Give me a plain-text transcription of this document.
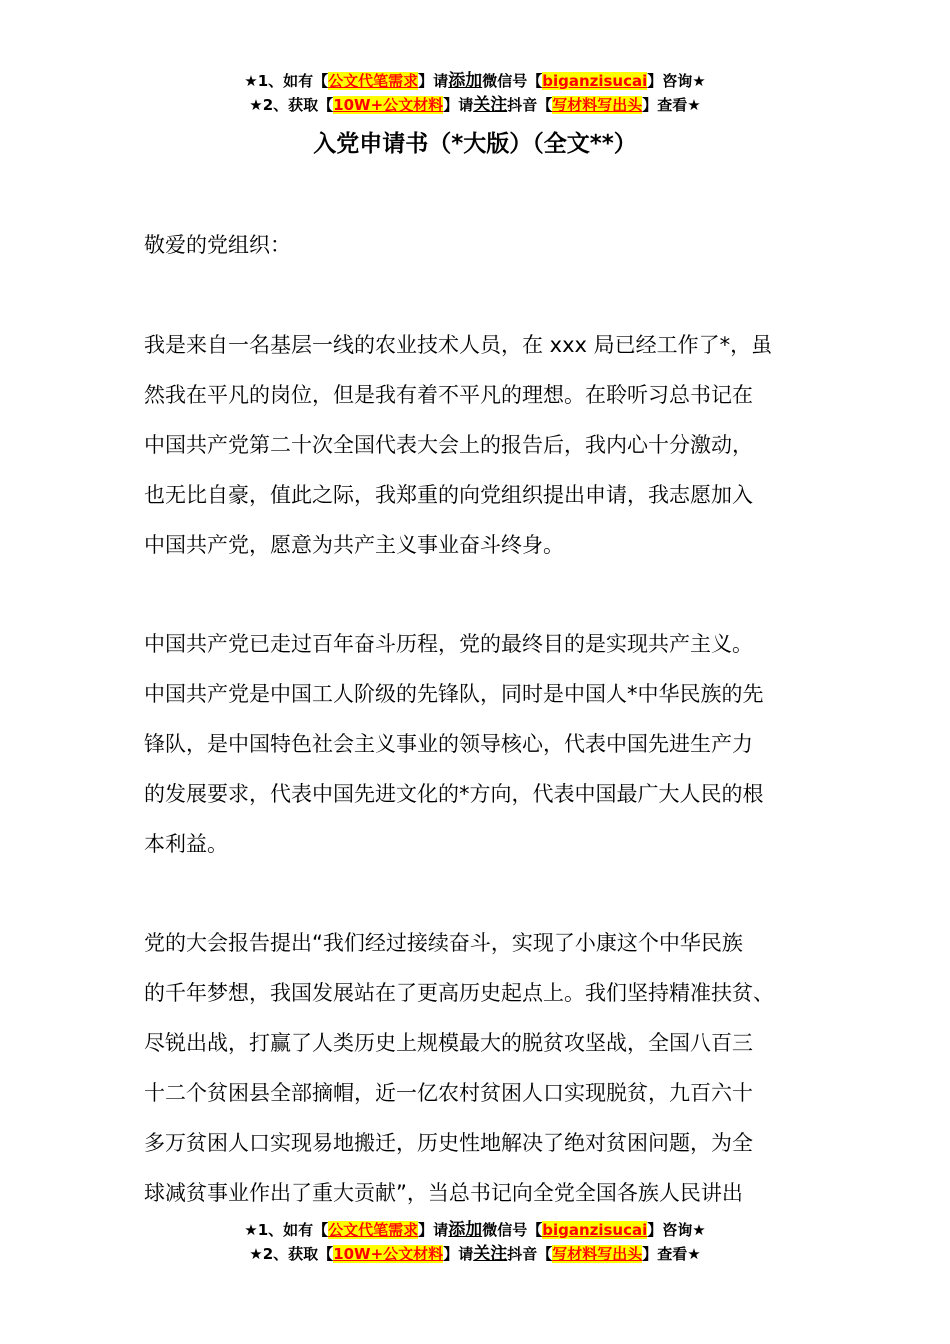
★1、如有【公文代笔需求】请添加微信号【biganzisucai】咨询★
★2、获取【10W+公文材料】请关注抖音【写材料写出头】查看★
入党申请书（*大版）（全文**）
敬爱的党组织：
我是来自一名基层一线的农业技术人员，在 xxx 局已经工作了*，虽
然我在平凡的岗位，但是我有着不平凡的理想。在聆听习总书记在
中国共产党第二十次全国代表大会上的报告后，我内心十分激动，
也无比自豪，值此之际，我郑重的向党组织提出申请，我志愿加入
中国共产党，愿意为共产主义事业奋斗终身。
中国共产党已走过百年奋斗历程，党的最终目的是实现共产主义。
中国共产党是中国工人阶级的先锋队，同时是中国人*中华民族的先
锋队，是中国特色社会主义事业的领导核心，代表中国先进生产力
的发展要求，代表中国先进文化的*方向，代表中国最广大人民的根
本利益。
党的大会报告提出“我们经过接续奋斗，实现了小康这个中华民族
的千年梦想，我国发展站在了更高历史起点上。我们坚持精准扶贫、
尽锐出战，打赢了人类历史上规模最大的脱贫攻坚战，全国八百三
十二个贫困县全部摘帽，近一亿农村贫困人口实现脱贫，九百六十
多万贫困人口实现易地搬迁，历史性地解决了绝对贫困问题，为全
球减贫事业作出了重大贡献”，当总书记向全党全国各族人民讲出
★1、如有【公文代笔需求】请添加微信号【biganzisucai】咨询★
★2、获取【10W+公文材料】请关注抖音【写材料写出头】查看★
